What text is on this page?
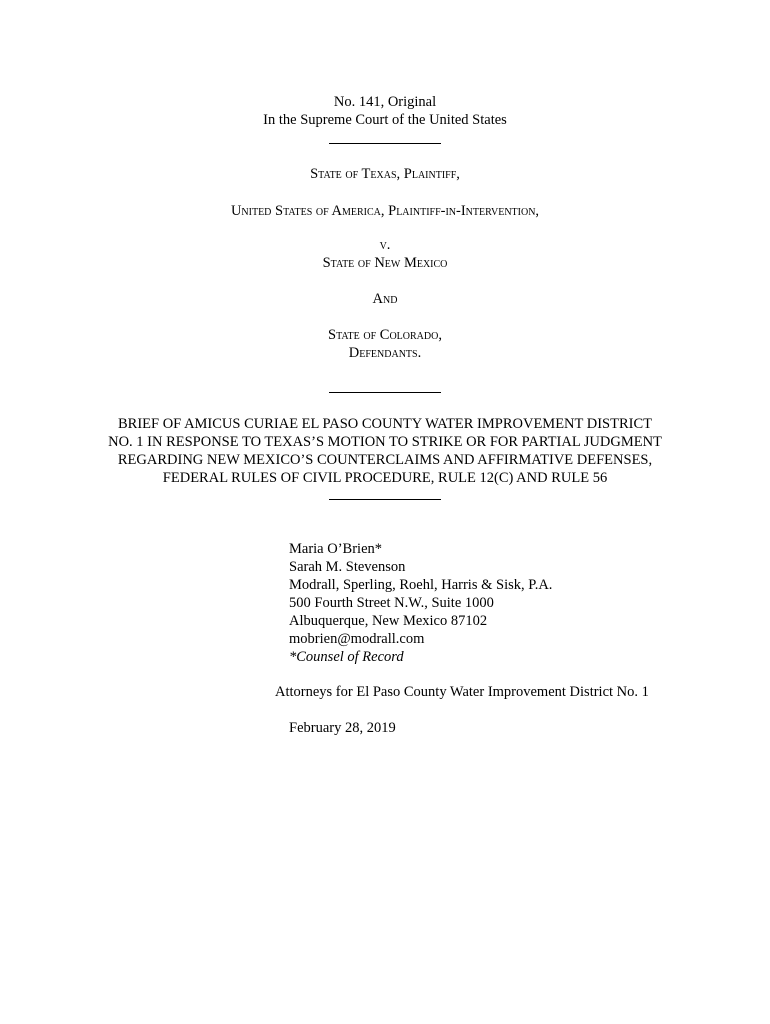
No. 141, Original
In the Supreme Court of the United States
State of Texas, Plaintiff,
United States of America, Plaintiff-in-Intervention,
v.
State of New Mexico
And
State of Colorado,
Defendants.
BRIEF OF AMICUS CURIAE EL PASO COUNTY WATER IMPROVEMENT DISTRICT
NO. 1 IN RESPONSE TO TEXAS’S MOTION TO STRIKE OR FOR PARTIAL JUDGMENT
REGARDING NEW MEXICO’S COUNTERCLAIMS AND AFFIRMATIVE DEFENSES,
FEDERAL RULES OF CIVIL PROCEDURE, RULE 12(C) AND RULE 56
Maria O’Brien*
Sarah M. Stevenson
Modrall, Sperling, Roehl, Harris & Sisk, P.A.
500 Fourth Street N.W., Suite 1000
Albuquerque, New Mexico 87102
mobrien@modrall.com
*Counsel of Record
Attorneys for El Paso County Water Improvement District No. 1
February 28, 2019
